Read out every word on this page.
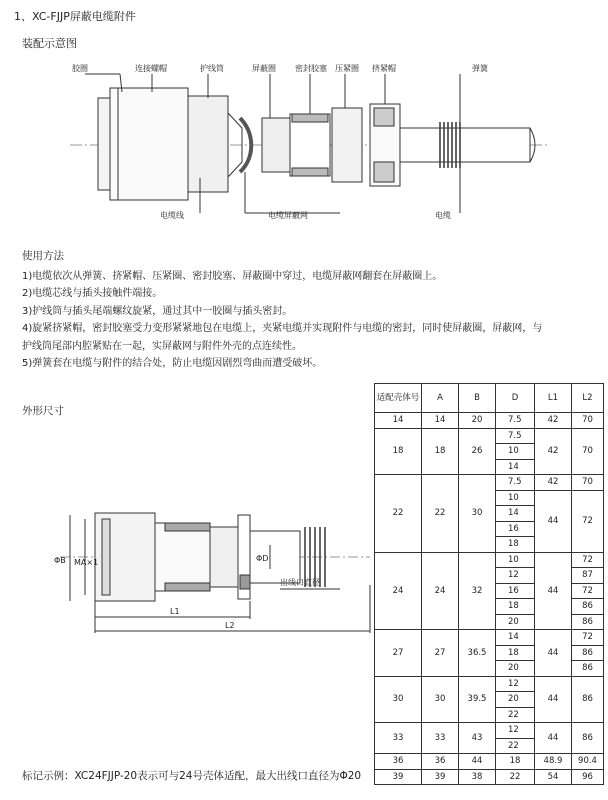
1、XC-FJJP屏蔽电缆附件
装配示意图
胶圈	连接螺帽	护线筒	屏蔽圈 密封胶塞 压紧圈 挤紧帽	弹簧
电缆线	电缆屏蔽网	电缆
使用方法

1)电缆依次从弹簧、挤紧帽、压紧圈、密封胶塞、屏蔽圈中穿过，电缆屏蔽网翻套在屏蔽圈上。

2)电缆芯线与插头接触件端接。

3)护线筒与插头尾端螺纹旋紧，通过其中一胶圈与插头密封。

4)旋紧挤紧帽，密封胶塞受力变形紧紧地包在电缆上，夹紧电缆并实现附件与电缆的密封，同时使屏蔽圈，屏蔽网，与

护线筒尾部内腔紧贴在一起，实屏蔽网与附件外壳的点连续性。

5)弹簧套在电缆与附件的结合处，防止电缆因剧烈弯曲而遭受破坏。

外形尺寸
ΦB MA×1	ΦD
出线口直径
L1
L2
适配壳体号	A	B	D	L1	L2
14	14	20	7.5	42	70
18	18	26	7.5	42	70
			10		
			14		
22	22	30	7.5	42	70
			10	44	72
			14		
			16		
			18		
24	24	32	10	44	72
			12		87
			16		72
			18		86
			20		86
27	27	36.5	14	44	72
			18		86
			20		86
30	30	39.5	12	44	86
			20		
			22		
33	33	43	12	44	86
			22		
36	36	44	18	48.9	90.4
39	39	38	22	54	96
标记示例：XC24FJJP-20表示可与24号壳体适配，最大出线口直径为Φ20
